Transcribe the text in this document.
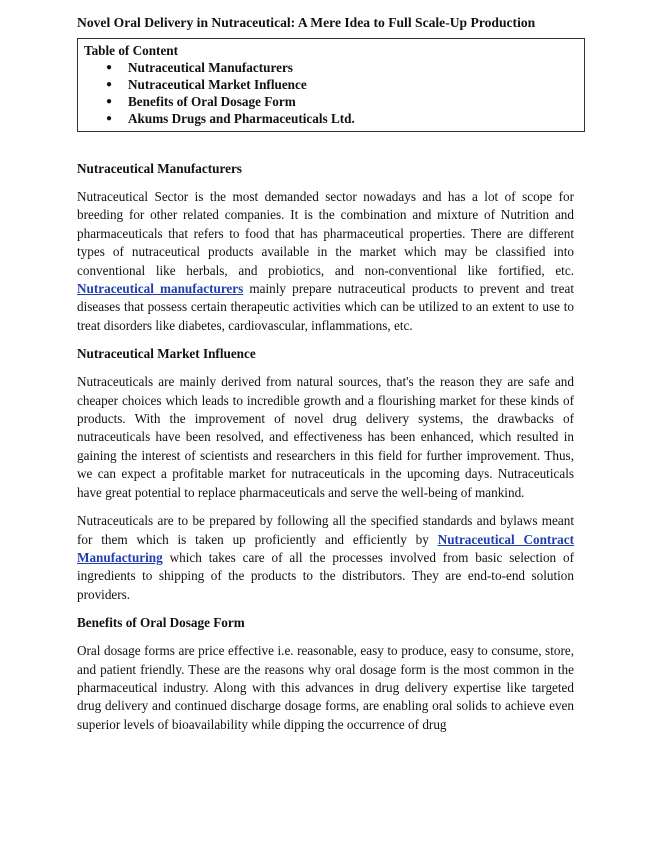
Novel Oral Delivery in Nutraceutical: A Mere Idea to Full Scale-Up Production
Table of Content
●	Nutraceutical Manufacturers
●	Nutraceutical Market Influence
●	Benefits of Oral Dosage Form
●	Akums Drugs and Pharmaceuticals Ltd.
Nutraceutical Manufacturers

Nutraceutical Sector is the most demanded sector nowadays and has a lot of scope for breeding for other related companies. It is the combination and mixture of Nutrition and pharmaceuticals that refers to food that has pharmaceutical properties. There are different types of nutraceutical products available in the market which may be classified into conventional like herbals, and probiotics, and non-conventional like fortified, etc. Nutraceutical manufacturers mainly prepare nutraceutical products to prevent and treat diseases that possess certain therapeutic activities which can be utilized to an extent to use to treat disorders like diabetes, cardiovascular, inflammations, etc.

Nutraceutical Market Influence

Nutraceuticals are mainly derived from natural sources, that's the reason they are safe and cheaper choices which leads to incredible growth and a flourishing market for these kinds of products. With the improvement of novel drug delivery systems, the drawbacks of nutraceuticals have been resolved, and effectiveness has been enhanced, which resulted in gaining the interest of scientists and researchers in this field for further improvement. Thus, we can expect a profitable market for nutraceuticals in the upcoming days. Nutraceuticals have great potential to replace pharmaceuticals and serve the well-being of mankind.

Nutraceuticals are to be prepared by following all the specified standards and bylaws meant for them which is taken up proficiently and efficiently by Nutraceutical Contract Manufacturing which takes care of all the processes involved from basic selection of ingredients to shipping of the products to the distributors. They are end-to-end solution providers.

Benefits of Oral Dosage Form

Oral dosage forms are price effective i.e. reasonable, easy to produce, easy to consume, store, and patient friendly. These are the reasons why oral dosage form is the most common in the pharmaceutical industry. Along with this advances in drug delivery expertise like targeted drug delivery and continued discharge dosage forms, are enabling oral solids to achieve even superior levels of bioavailability while dipping the occurrence of drug
